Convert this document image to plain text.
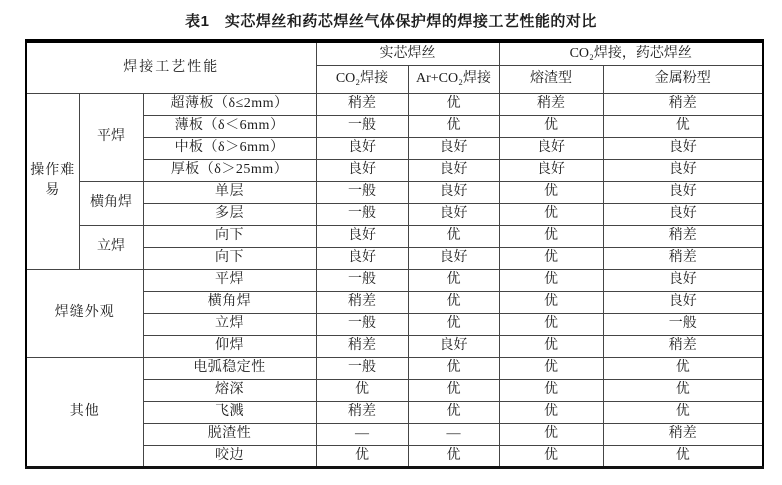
表1　实芯焊丝和药芯焊丝气体保护焊的焊接工艺性能的对比
焊接工艺性能			实芯焊丝		CO₂焊接，药芯焊丝	
			CO₂焊接	Ar+CO₂焊接	熔渣型	金属粉型
操作难易	平焊	超薄板（δ≤2mm）	稍差	优	稍差	稍差
		薄板（δ＜6mm）	一般	优	优	优
		中板（δ＞6mm）	良好	良好	良好	良好
		厚板（δ＞25mm）	良好	良好	良好	良好
	横角焊	单层	一般	良好	优	良好
		多层	一般	良好	优	良好
	立焊	向下	良好	优	优	稍差
		向下	良好	良好	优	稍差
焊缝外观		平焊	一般	优	优	良好
		横角焊	稍差	优	优	良好
		立焊	一般	优	优	一般
		仰焊	稍差	良好	优	稍差
其他		电弧稳定性	一般	优	优	优
		熔深	优	优	优	优
		飞溅	稍差	优	优	优
		脱渣性	—	—	优	稍差
		咬边	优	优	优	优
